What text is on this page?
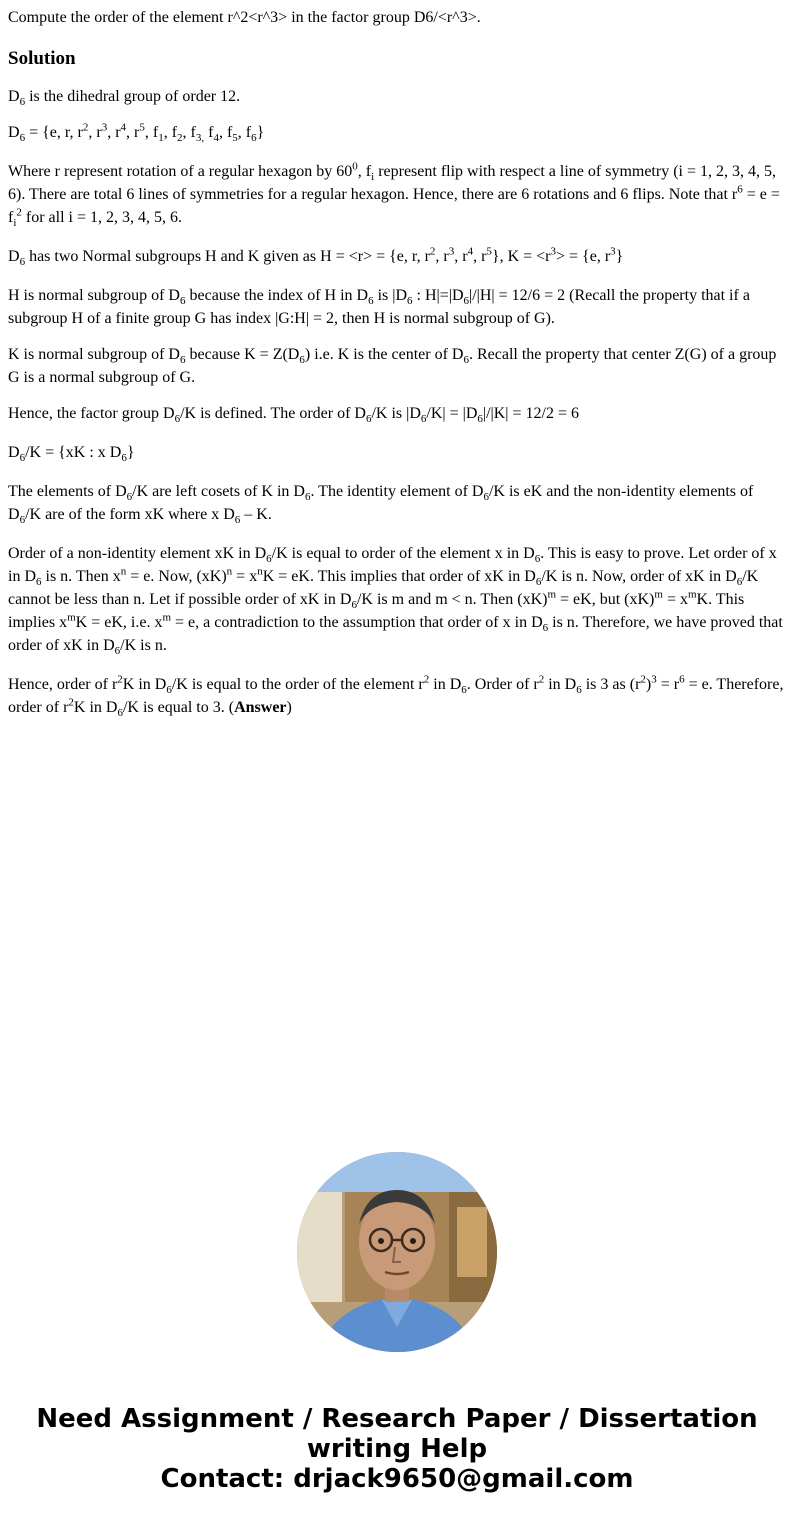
Compute the order of the element r^2<r^3> in the factor group D6/<r^3>.

Solution

$D_6$ is the dihedral group of order 12.

$D_6 = \{e$, r, $r^2$, $r^3$, $r^4$, $r^5$, $f_1$, $f_2$, $f_{3,}$ $f_4$, $f_5$, $f_6$}

Where r represent rotation of a regular hexagon by $60^0$, $f_i$ represent flip with respect a line of symmetry (i = 1, 2, 3, 4, 5, 6). There are total 6 lines of symmetries for a regular hexagon. Hence, there are 6 rotations and 6 flips. Note that $r^6 = e = f_i^2$ for all i = 1, 2, 3, 4, 5, 6.

$D_6$ has two Normal subgroups H and K given as H = <r> = {e, r, $r^2$, $r^3$, $r^4$, $r^5$}, $K = <r^3> = \{e$, $r^3$}

H is normal subgroup of $D_6$ because the index of H in $D_6$ is $|D_6$ : $H|=|D_6|/|H| = 12/6 = 2$ (Recall the property that if a subgroup H of a finite group G has index |G:H| = 2, then H is normal subgroup of G).

K is normal subgroup of $D_6$ because $K = Z(D_6)$ i.e. K is the center of $D_6$. Recall the property that center Z(G) of a group G is a normal subgroup of G.

Hence, the factor group $D_6/K$ is defined. The order of $D_6/K$ is $|D_6/K| = |D_6|/|K| = 12/2 = 6$

$D_6/K = \{xK$ : x $D_6$}

The elements of $D_6/K$ are left cosets of K in $D_6$. The identity element of $D_6/K$ is eK and the non-identity elements of $D_6/K$ are of the form xK where x $D_6$ – K.

Order of a non-identity element xK in $D_6/K$ is equal to order of the element x in $D_6$. This is easy to prove. Let order of x in $D_6$ is n. Then $x^n = e$. Now, $(xK)^n = x^nK$ = eK. This implies that order of xK in $D_6/K$ is n. Now, order of xK in $D_6/K$ cannot be less than n. Let if possible order of xK in $D_6/K$ is m and m < n. Then (xK)$^m$ = eK, but $(xK)^m = x^mK$. This implies $x^mK$ = eK, i.e. $x^m = e$, a contradiction to the assumption that order of x in $D_6$ is n. Therefore, we have proved that order of xK in $D_6/K$ is n.

Hence, order of $r^2K$ in $D_6/K$ is equal to the order of the element $r^2$ in $D_6$. Order of $r^2$ in $D_6$ is 3 as $(r^2)^3 = r^6 = e$. Therefore, order of $r^2K$ in $D_6/K$ is equal to 3. (Answer)

Need Assignment / Research Paper / Dissertation
writing Help
Contact: drjack9650@gmail.com
